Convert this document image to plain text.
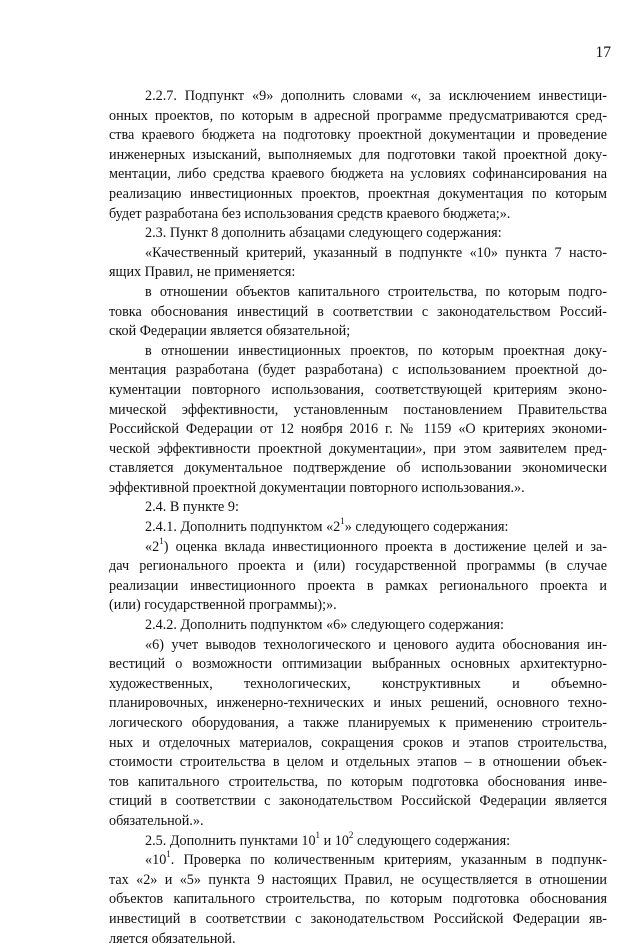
17
2.2.7. Подпункт «9» дополнить словами «, за исключением инвестици-
онных проектов, по которым в адресной программе предусматриваются сред-
ства краевого бюджета на подготовку проектной документации и проведение
инженерных изысканий, выполняемых для подготовки такой проектной доку-
ментации, либо средства краевого бюджета на условиях софинансирования на
реализацию инвестиционных проектов, проектная документация по которым
будет разработана без использования средств краевого бюджета;».
2.3. Пункт 8 дополнить абзацами следующего содержания:
«Качественный критерий, указанный в подпункте «10» пункта 7 насто-
ящих Правил, не применяется:
в отношении объектов капитального строительства, по которым подго-
товка обоснования инвестиций в соответствии с законодательством Россий-
ской Федерации является обязательной;
в отношении инвестиционных проектов, по которым проектная доку-
ментация разработана (будет разработана) с использованием проектной до-
кументации повторного использования, соответствующей критериям эконо-
мической эффективности, установленным постановлением Правительства
Российской Федерации от 12 ноября 2016 г. № 1159 «О критериях экономи-
ческой эффективности проектной документации», при этом заявителем пред-
ставляется документальное подтверждение об использовании экономически
эффективной проектной документации повторного использования.».
2.4. В пункте 9:
2.4.1. Дополнить подпунктом «$2^1$» следующего содержания:
«$2^1$) оценка вклада инвестиционного проекта в достижение целей и за-
дач регионального проекта и (или) государственной программы (в случае
реализации инвестиционного проекта в рамках регионального проекта и
(или) государственной программы);».
2.4.2. Дополнить подпунктом «6» следующего содержания:
«6) учет выводов технологического и ценового аудита обоснования ин-
вестиций о возможности оптимизации выбранных основных архитектурно-
художественных, технологических, конструктивных и объемно-
планировочных, инженерно-технических и иных решений, основного техно-
логического оборудования, а также планируемых к применению строитель-
ных и отделочных материалов, сокращения сроков и этапов строительства,
стоимости строительства в целом и отдельных этапов – в отношении объек-
тов капитального строительства, по которым подготовка обоснования инве-
стиций в соответствии с законодательством Российской Федерации является
обязательной.».
2.5. Дополнить пунктами $10^1$ и $10^2$ следующего содержания:
«$10^1$. Проверка по количественным критериям, указанным в подпунк-
тах «2» и «5» пункта 9 настоящих Правил, не осуществляется в отношении
объектов капитального строительства, по которым подготовка обоснования
инвестиций в соответствии с законодательством Российской Федерации яв-
ляется обязательной.
